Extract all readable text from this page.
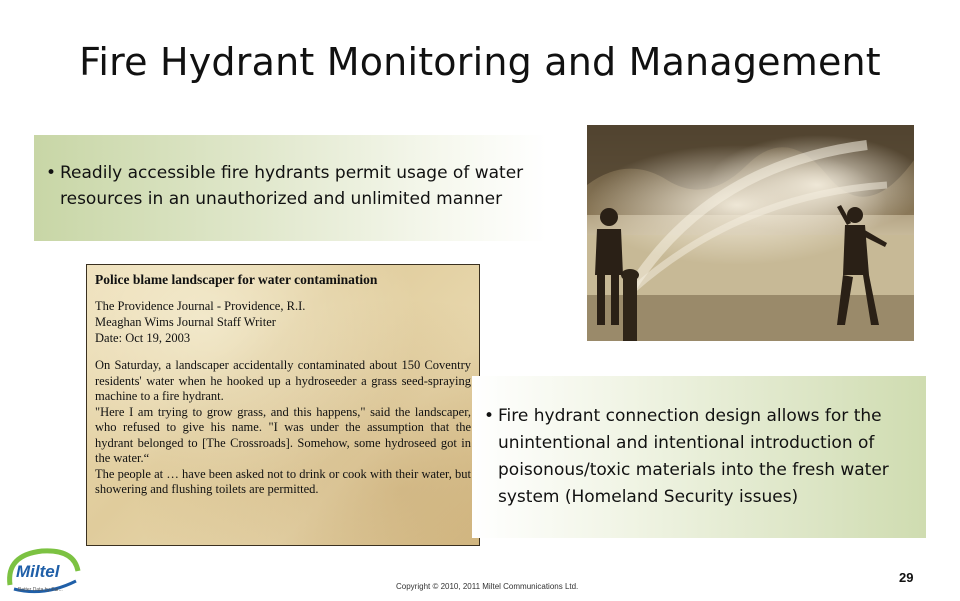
Fire Hydrant Monitoring and Management
• Readily accessible fire hydrants permit usage of water resources in an unauthorized and unlimited manner
Police blame landscaper for water contamination
The Providence Journal - Providence, R.I.
Meaghan Wims Journal Staff Writer
Date: Oct 19, 2003

On Saturday, a landscaper accidentally contaminated about 150 Coventry residents' water when he hooked up a hydroseeder a grass seed-spraying machine to a fire hydrant.

"Here I am trying to grow grass, and this happens," said the landscaper, who refused to give his name. "I was under the assumption that the hydrant belonged to [The Crossroads]. Somehow, some hydroseed got in the water.“

The people at … have been asked not to drink or cook with their water, but showering and flushing toilets are permitted.

• Fire hydrant connection design allows for the unintentional and intentional introduction of poisonous/toxic materials into the fresh water system (Homeland Security issues)
Miltel
Better Data by Far...	Copyright © 2010, 2011 Miltel Communications Ltd.
29
